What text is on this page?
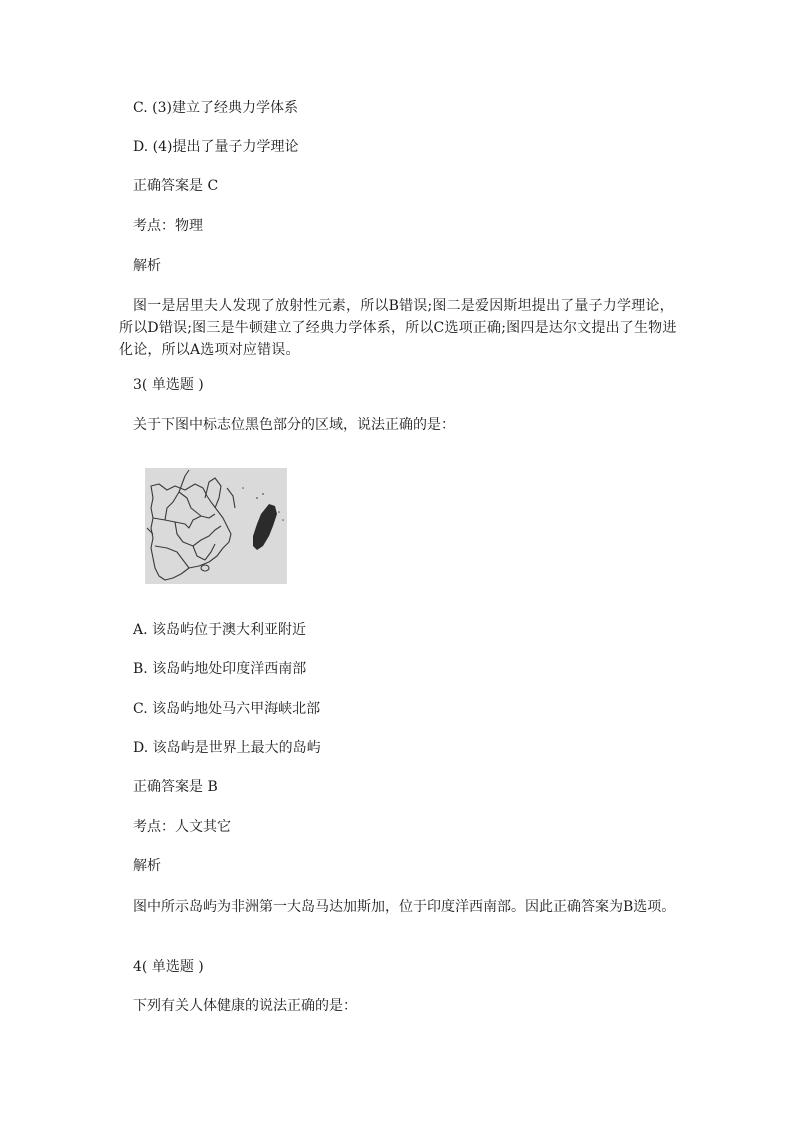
C. (3)建立了经典力学体系
D. (4)提出了量子力学理论
正确答案是 C
考点：物理
解析
图一是居里夫人发现了放射性元素，所以B错误;图二是爱因斯坦提出了量子力学理论，所以D错误;图三是牛顿建立了经典力学体系，所以C选项正确;图四是达尔文提出了生物进化论，所以A选项对应错误。
3( 单选题 )
关于下图中标志位黑色部分的区域，说法正确的是：
A. 该岛屿位于澳大利亚附近
B. 该岛屿地处印度洋西南部
C. 该岛屿地处马六甲海峡北部
D. 该岛屿是世界上最大的岛屿
正确答案是 B
考点：人文其它
解析
图中所示岛屿为非洲第一大岛马达加斯加，位于印度洋西南部。因此正确答案为B选项。
4( 单选题 )
下列有关人体健康的说法正确的是：
